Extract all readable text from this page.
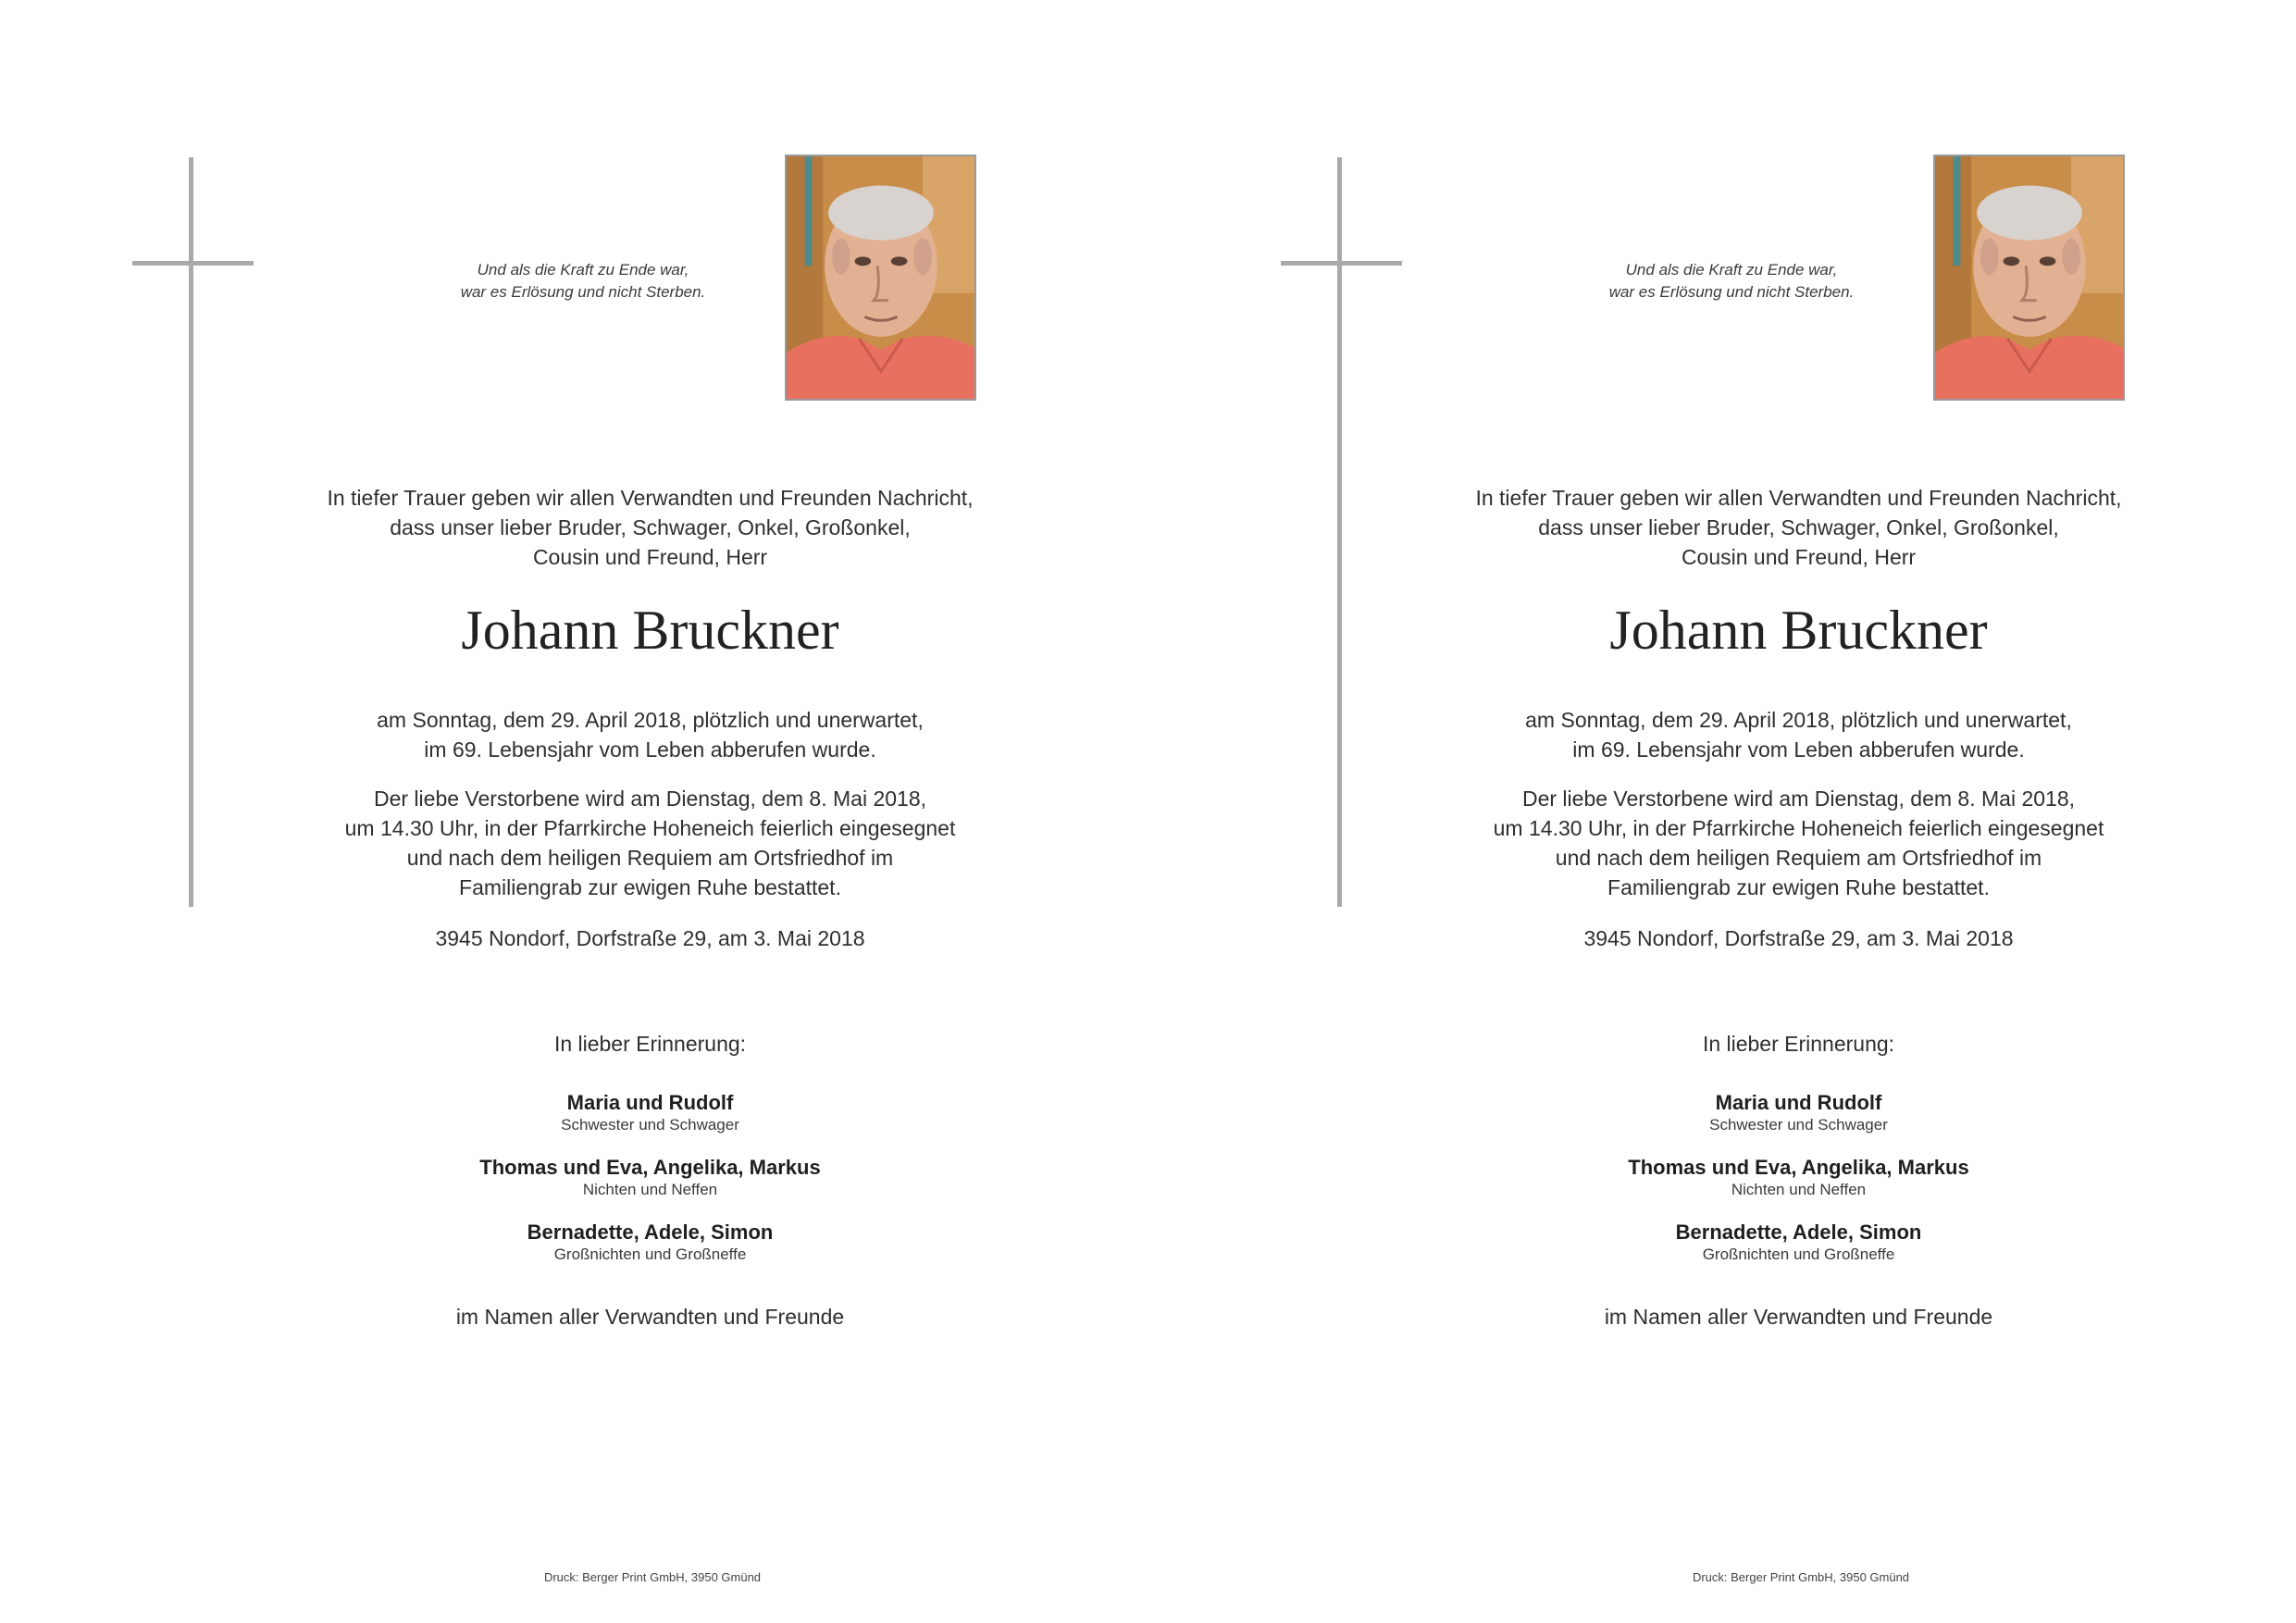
Und als die Kraft zu Ende war,
war es Erlösung und nicht Sterben.
In tiefer Trauer geben wir allen Verwandten und Freunden Nachricht,
dass unser lieber Bruder, Schwager, Onkel, Großonkel,
Cousin und Freund, Herr
Johann Bruckner
am Sonntag, dem 29. April 2018, plötzlich und unerwartet,
im 69. Lebensjahr vom Leben abberufen wurde.
Der liebe Verstorbene wird am Dienstag, dem 8. Mai 2018,
um 14.30 Uhr, in der Pfarrkirche Hoheneich feierlich eingesegnet
und nach dem heiligen Requiem am Ortsfriedhof im
Familiengrab zur ewigen Ruhe bestattet.
3945 Nondorf, Dorfstraße 29, am 3. Mai 2018
In lieber Erinnerung:
Maria und Rudolf
Schwester und Schwager
Thomas und Eva, Angelika, Markus
Nichten und Neffen
Bernadette, Adele, Simon
Großnichten und Großneffe
im Namen aller Verwandten und Freunde
Druck: Berger Print GmbH, 3950 Gmünd
Und als die Kraft zu Ende war,
war es Erlösung und nicht Sterben.
In tiefer Trauer geben wir allen Verwandten und Freunden Nachricht,
dass unser lieber Bruder, Schwager, Onkel, Großonkel,
Cousin und Freund, Herr
Johann Bruckner
am Sonntag, dem 29. April 2018, plötzlich und unerwartet,
im 69. Lebensjahr vom Leben abberufen wurde.
Der liebe Verstorbene wird am Dienstag, dem 8. Mai 2018,
um 14.30 Uhr, in der Pfarrkirche Hoheneich feierlich eingesegnet
und nach dem heiligen Requiem am Ortsfriedhof im
Familiengrab zur ewigen Ruhe bestattet.
3945 Nondorf, Dorfstraße 29, am 3. Mai 2018
In lieber Erinnerung:
Maria und Rudolf
Schwester und Schwager
Thomas und Eva, Angelika, Markus
Nichten und Neffen
Bernadette, Adele, Simon
Großnichten und Großneffe
im Namen aller Verwandten und Freunde
Druck: Berger Print GmbH, 3950 Gmünd
